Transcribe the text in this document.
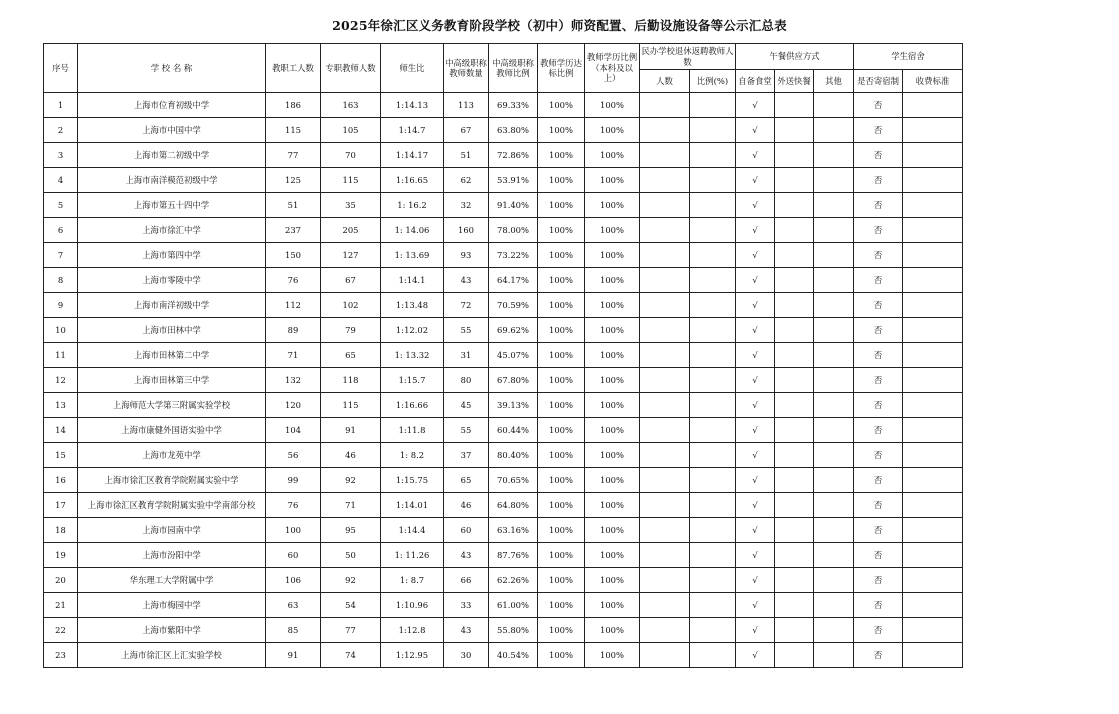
2025年徐汇区义务教育阶段学校（初中）师资配置、后勤设施设备等公示汇总表
序号	学 校 名 称	教职工人数	专职教师人数	师生比	中高级职称教师数量	中高级职称教师比例	教师学历达标比例	教师学历比例（本科及以上）	民办学校退休返聘教师人数		午餐供应方式			学生宿舍	
									人数	比例(%)	自备食堂	外送快餐	其他	是否寄宿制	收费标准
1	上海市位育初级中学	186	163	1:14.13	113	69.33%	100%	100%			√			否	
2	上海市中国中学	115	105	1:14.7	67	63.80%	100%	100%			√			否	
3	上海市第二初级中学	77	70	1:14.17	51	72.86%	100%	100%			√			否	
4	上海市南洋模范初级中学	125	115	1:16.65	62	53.91%	100%	100%			√			否	
5	上海市第五十四中学	51	35	1: 16.2	32	91.40%	100%	100%			√			否	
6	上海市徐汇中学	237	205	1: 14.06	160	78.00%	100%	100%			√			否	
7	上海市第四中学	150	127	1: 13.69	93	73.22%	100%	100%			√			否	
8	上海市零陵中学	76	67	1:14.1	43	64.17%	100%	100%			√			否	
9	上海市南洋初级中学	112	102	1:13.48	72	70.59%	100%	100%			√			否	
10	上海市田林中学	89	79	1:12.02	55	69.62%	100%	100%			√			否	
11	上海市田林第二中学	71	65	1: 13.32	31	45.07%	100%	100%			√			否	
12	上海市田林第三中学	132	118	1:15.7	80	67.80%	100%	100%			√			否	
13	上海师范大学第三附属实验学校	120	115	1:16.66	45	39.13%	100%	100%			√			否	
14	上海市康健外国语实验中学	104	91	1:11.8	55	60.44%	100%	100%			√			否	
15	上海市龙苑中学	56	46	1: 8.2	37	80.40%	100%	100%			√			否	
16	上海市徐汇区教育学院附属实验中学	99	92	1:15.75	65	70.65%	100%	100%			√			否	
17	上海市徐汇区教育学院附属实验中学南部分校	76	71	1:14.01	46	64.80%	100%	100%			√			否	
18	上海市园南中学	100	95	1:14.4	60	63.16%	100%	100%			√			否	
19	上海市汾阳中学	60	50	1: 11.26	43	87.76%	100%	100%			√			否	
20	华东理工大学附属中学	106	92	1: 8.7	66	62.26%	100%	100%			√			否	
21	上海市梅园中学	63	54	1:10.96	33	61.00%	100%	100%			√			否	
22	上海市紫阳中学	85	77	1:12.8	43	55.80%	100%	100%			√			否	
23	上海市徐汇区上汇实验学校	91	74	1:12.95	30	40.54%	100%	100%			√			否	
